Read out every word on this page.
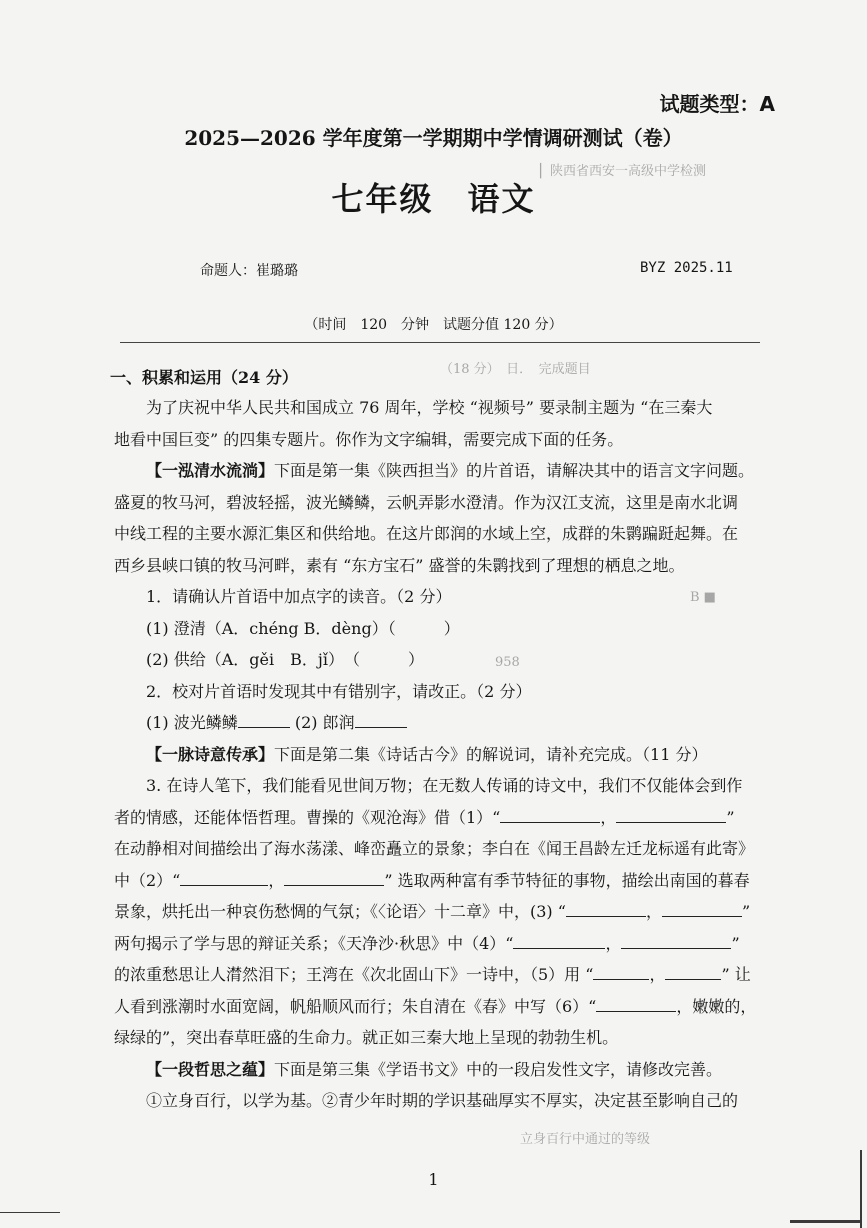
▏陕西省西安一高级中学检测
（18 分）　日．　完成题目
B ■
958
立身百行中通过的等级
试题类型：A
2025—2026 学年度第一学期期中学情调研测试（卷）
七年级　语文
命题人：崔璐璐	BYZ 2025.11
（时间　120　分钟　试题分值 120 分）
一、积累和运用（24 分）
为了庆祝中华人民共和国成立 76 周年，学校 “视频号” 要录制主题为 “在三秦大
地看中国巨变” 的四集专题片。你作为文字编辑，需要完成下面的任务。
【一泓清水流淌】下面是第一集《陕西担当》的片首语，请解决其中的语言文字问题。
盛夏的牧马河，碧波轻摇，波光鳞鳞，云帆弄影水澄清。作为汉江支流，这里是南水北调
中线工程的主要水源汇集区和供给地。在这片郎润的水域上空，成群的朱鹮蹁跹起舞。在
西乡县峡口镇的牧马河畔，素有 “东方宝石” 盛誉的朱鹮找到了理想的栖息之地。
1．请确认片首语中加点字的读音。（2 分）
(1) 澄清（A．chéng B．dèng）（　　　）
(2) 供给（A．gěi　B．jǐ）　（　　　）
2．校对片首语时发现其中有错别字，请改正。（2 分）
(1) 波光鳞鳞	(2) 郎润
【一脉诗意传承】下面是第二集《诗话古今》的解说词，请补充完成。（11 分）
3. 在诗人笔下，我们能看见世间万物；在无数人传诵的诗文中，我们不仅能体会到作
者的情感，还能体悟哲理。曹操的《观沧海》借（1）“	，	”
在动静相对间描绘出了海水荡漾、峰峦矗立的景象；李白在《闻王昌龄左迁龙标遥有此寄》
中（2）“	，	” 选取两种富有季节特征的事物，描绘出南国的暮春
景象，烘托出一种哀伤愁惆的气氛；《〈论语〉十二章》中，(3) “	，	”
两句揭示了学与思的辩证关系；《天净沙·秋思》中（4）“	，	”
的浓重愁思让人潸然泪下；王湾在《次北固山下》一诗中，（5）用 “	，	” 让
人看到涨潮时水面宽阔，帆船顺风而行；朱自清在《春》中写（6）“	，嫩嫩的，
绿绿的”，突出春草旺盛的生命力。就正如三秦大地上呈现的勃勃生机。
【一段哲思之蕴】下面是第三集《学语书文》中的一段启发性文字，请修改完善。
①立身百行，以学为基。②青少年时期的学识基础厚实不厚实，决定甚至影响自己的
1
